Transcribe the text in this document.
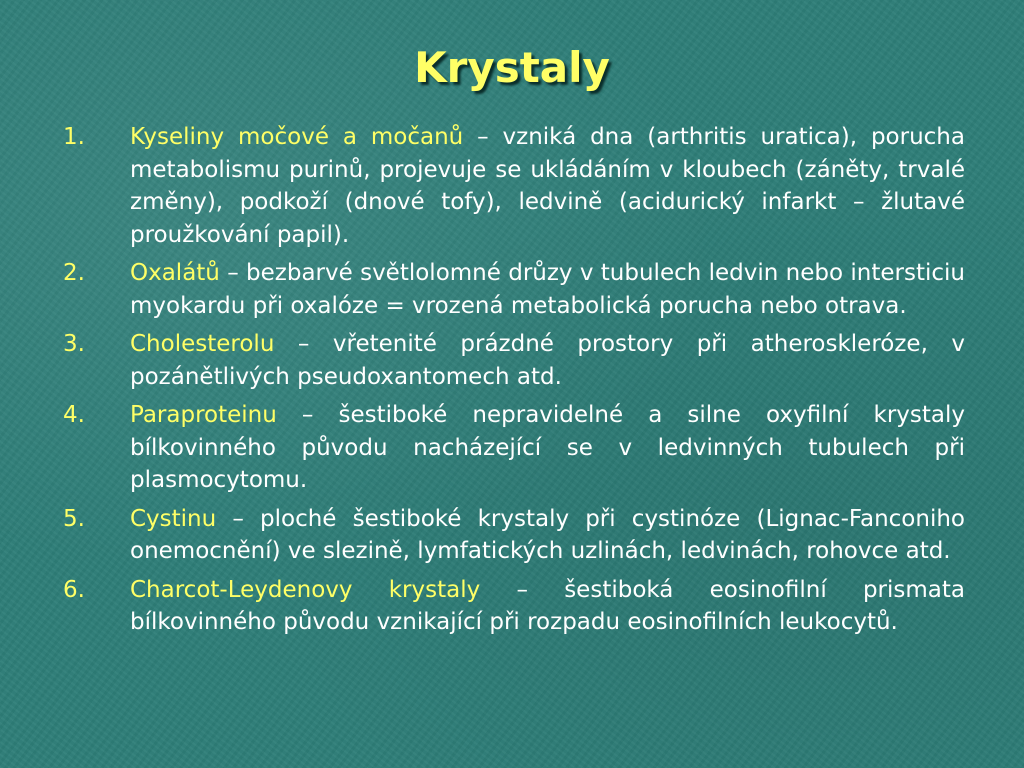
Krystaly
1. Kyseliny močové a močanů – vzniká dna (arthritis uratica), porucha metabolismu purinů, projevuje se ukládáním v kloubech (záněty, trvalé změny), podkoží (dnové tofy), ledvině (acidurický infarkt – žlutavé proužkování papil).
2. Oxalátů – bezbarvé světlolomné drůzy v tubulech ledvin nebo intersticiu myokardu při oxalóze = vrozená metabolická porucha nebo otrava.
3. Cholesterolu – vřetenité prázdné prostory při atheroskleróze, v pozánětlivých pseudoxantomech atd.
4. Paraproteinu – šestiboké nepravidelné a silne oxyfilní krystaly bílkovinného původu nacházející se v ledvinných tubulech při plasmocytomu.
5. Cystinu – ploché šestiboké krystaly při cystinóze (Lignac-Fanconiho onemocnění) ve slezině, lymfatických uzlinách, ledvinách, rohovce atd.
6. Charcot-Leydenovy krystaly – šestiboká eosinofilní prismata bílkovinného původu vznikající při rozpadu eosinofilních leukocytů.
